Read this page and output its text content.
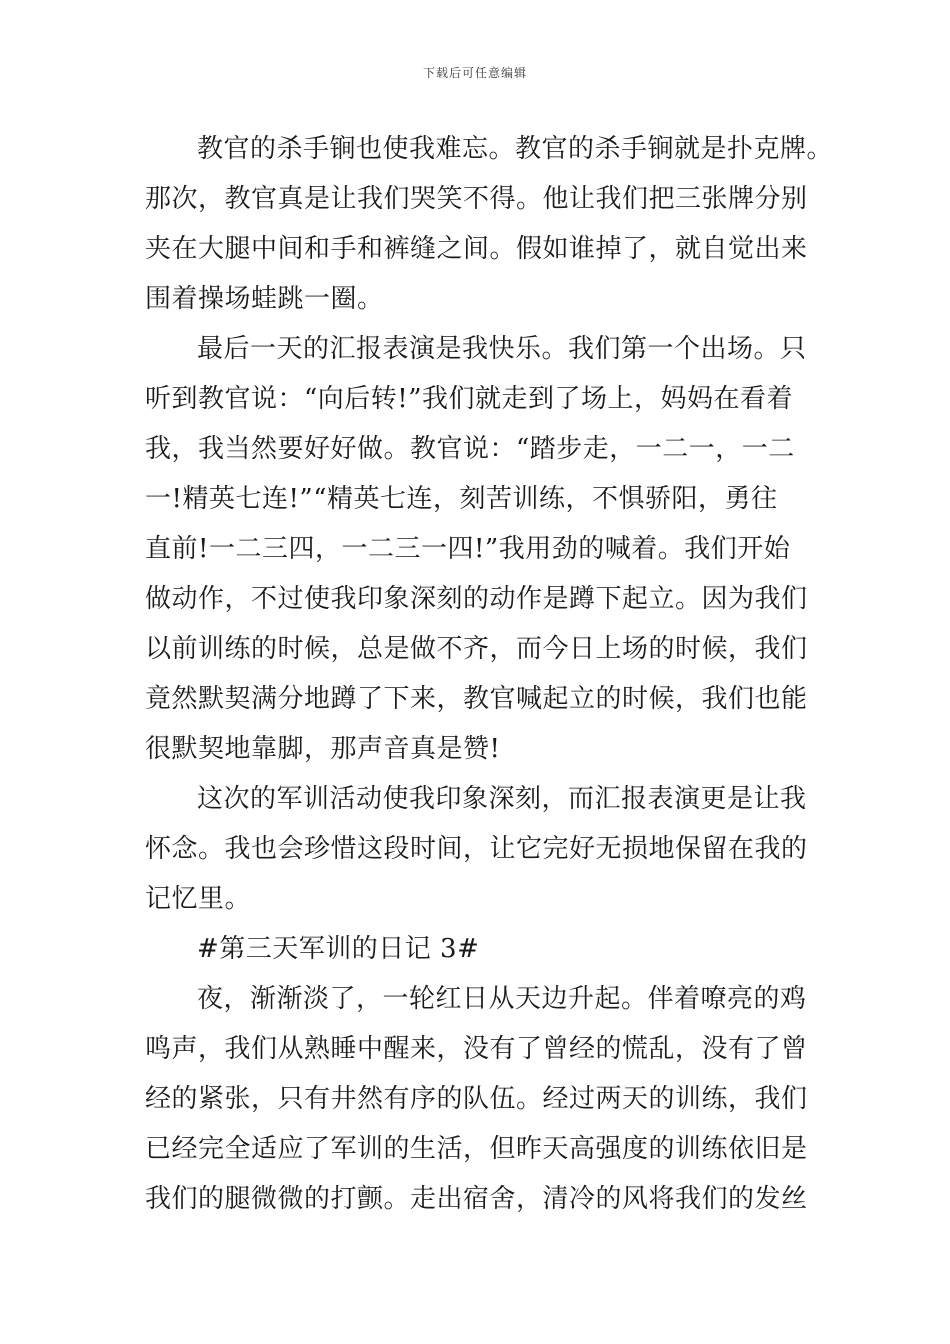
下载后可任意编辑
教官的杀手锏也使我难忘。教官的杀手锏就是扑克牌。
那次，教官真是让我们哭笑不得。他让我们把三张牌分别
夹在大腿中间和手和裤缝之间。假如谁掉了，就自觉出来
围着操场蛙跳一圈。
最后一天的汇报表演是我快乐。我们第一个出场。只
听到教官说：“向后转!”我们就走到了场上，妈妈在看着
我，我当然要好好做。教官说：“踏步走，一二一，一二
一!精英七连!”“精英七连，刻苦训练，不惧骄阳，勇往
直前!一二三四，一二三一四!”我用劲的喊着。我们开始
做动作，不过使我印象深刻的动作是蹲下起立。因为我们
以前训练的时候，总是做不齐，而今日上场的时候，我们
竟然默契满分地蹲了下来，教官喊起立的时候，我们也能
很默契地靠脚，那声音真是赞!
这次的军训活动使我印象深刻，而汇报表演更是让我
怀念。我也会珍惜这段时间，让它完好无损地保留在我的
记忆里。
#第三天军训的日记 3#
夜，渐渐淡了，一轮红日从天边升起。伴着嘹亮的鸡
鸣声，我们从熟睡中醒来，没有了曾经的慌乱，没有了曾
经的紧张，只有井然有序的队伍。经过两天的训练，我们
已经完全适应了军训的生活，但昨天高强度的训练依旧是
我们的腿微微的打颤。走出宿舍，清冷的风将我们的发丝
